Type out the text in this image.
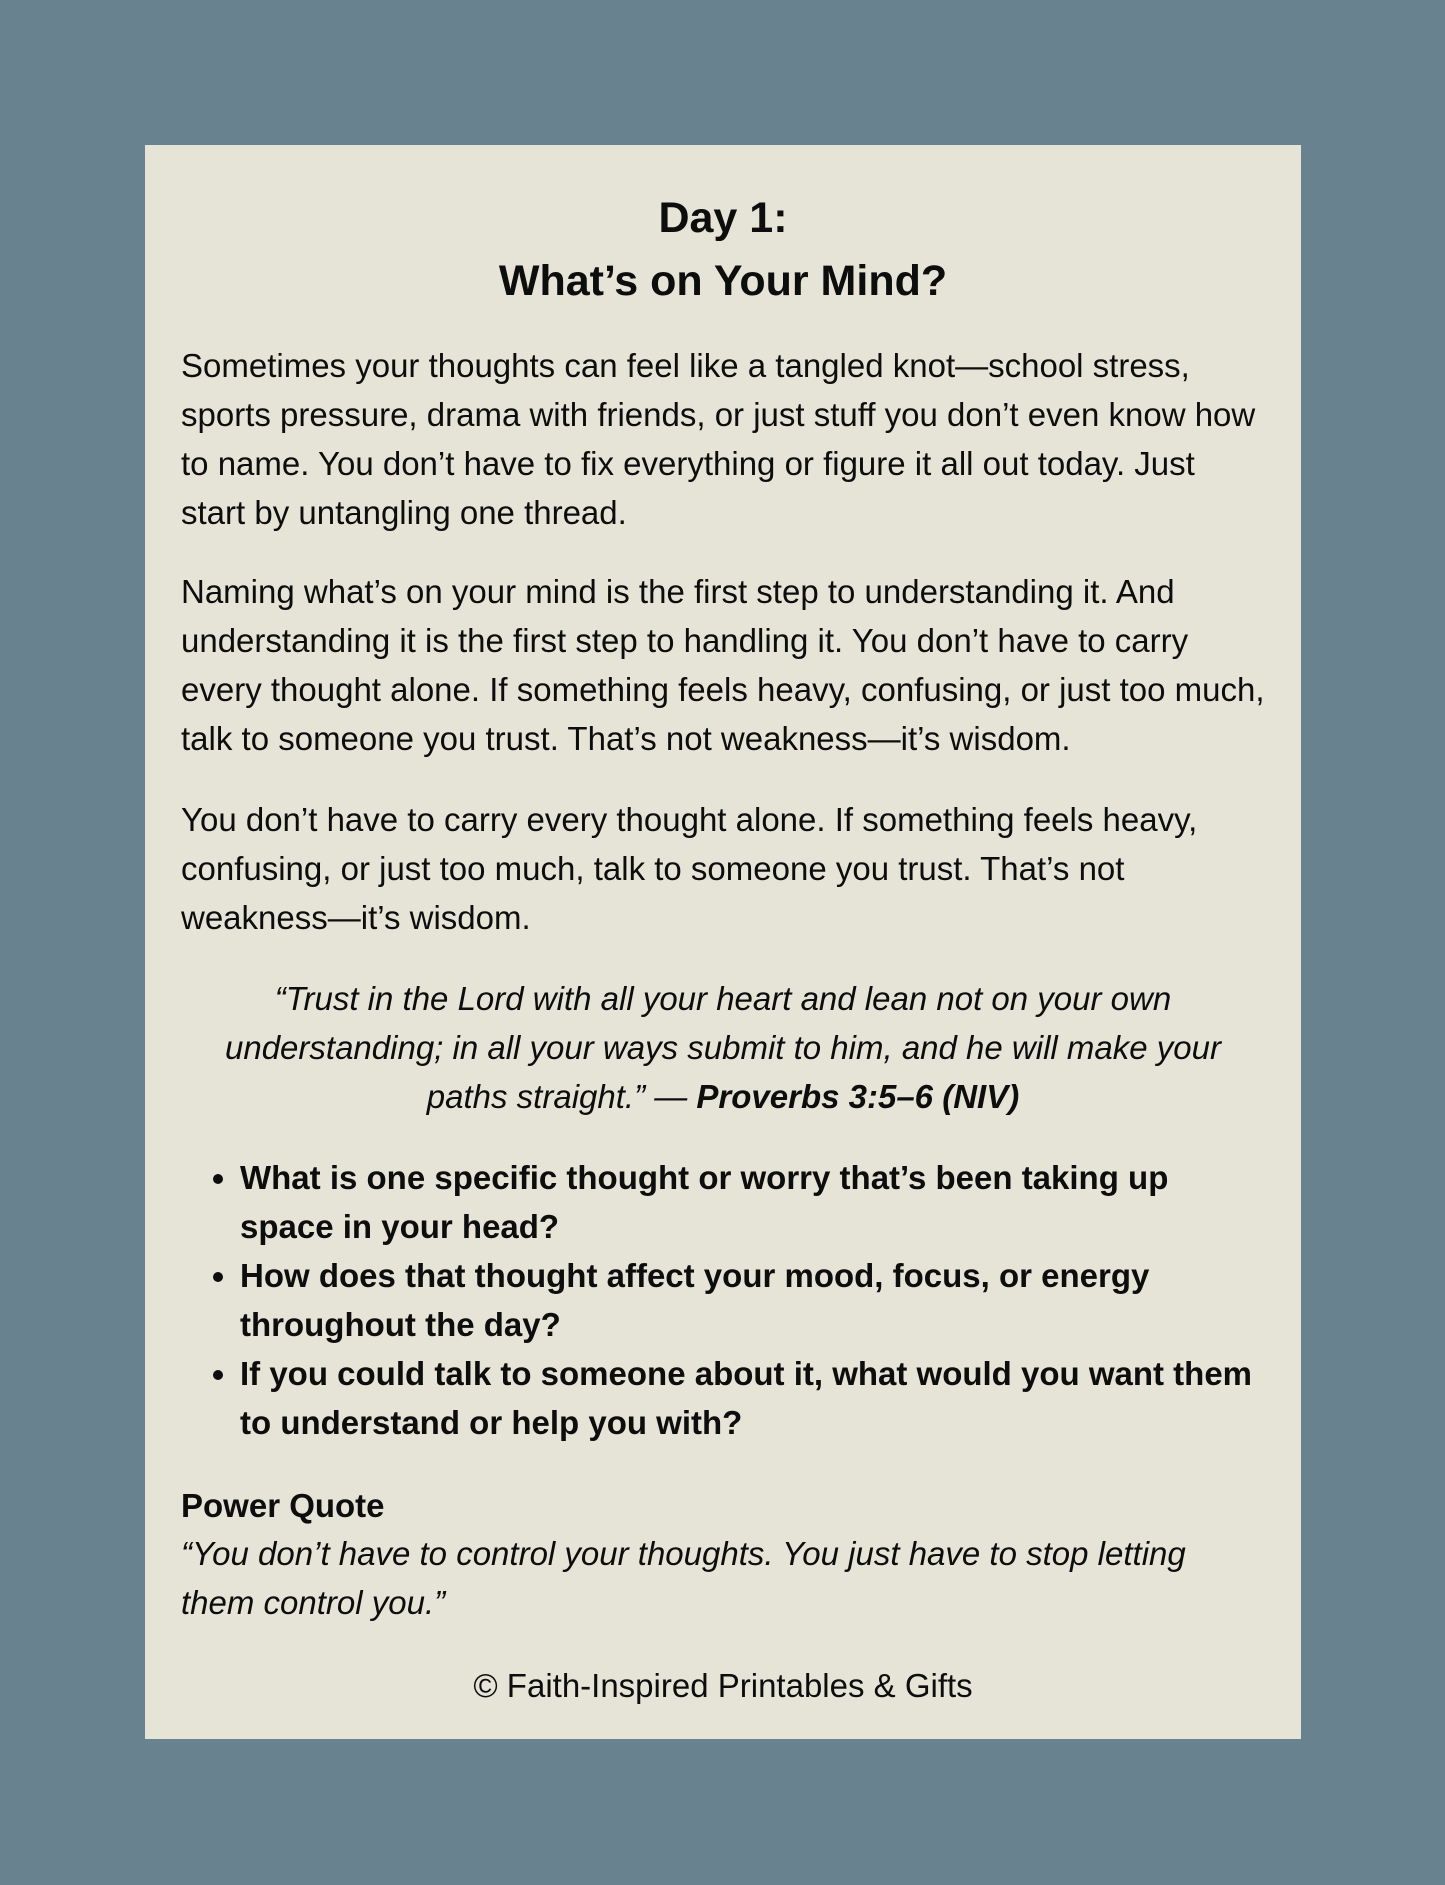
Day 1:
What’s on Your Mind?

Sometimes your thoughts can feel like a tangled knot—school stress, sports pressure, drama with friends, or just stuff you don’t even know how to name. You don’t have to fix everything or figure it all out today. Just start by untangling one thread.

Naming what’s on your mind is the first step to understanding it. And understanding it is the first step to handling it. You don’t have to carry every thought alone. If something feels heavy, confusing, or just too much, talk to someone you trust. That’s not weakness—it’s wisdom.

You don’t have to carry every thought alone. If something feels heavy, confusing, or just too much, talk to someone you trust. That’s not weakness—it’s wisdom.

“Trust in the Lord with all your heart and lean not on your own understanding; in all your ways submit to him, and he will make your paths straight.” — Proverbs 3:5–6 (NIV)

• What is one specific thought or worry that’s been taking up space in your head?
• How does that thought affect your mood, focus, or energy throughout the day?
• If you could talk to someone about it, what would you want them to understand or help you with?

Power Quote

“You don’t have to control your thoughts. You just have to stop letting them control you.”

© Faith-Inspired Printables & Gifts
